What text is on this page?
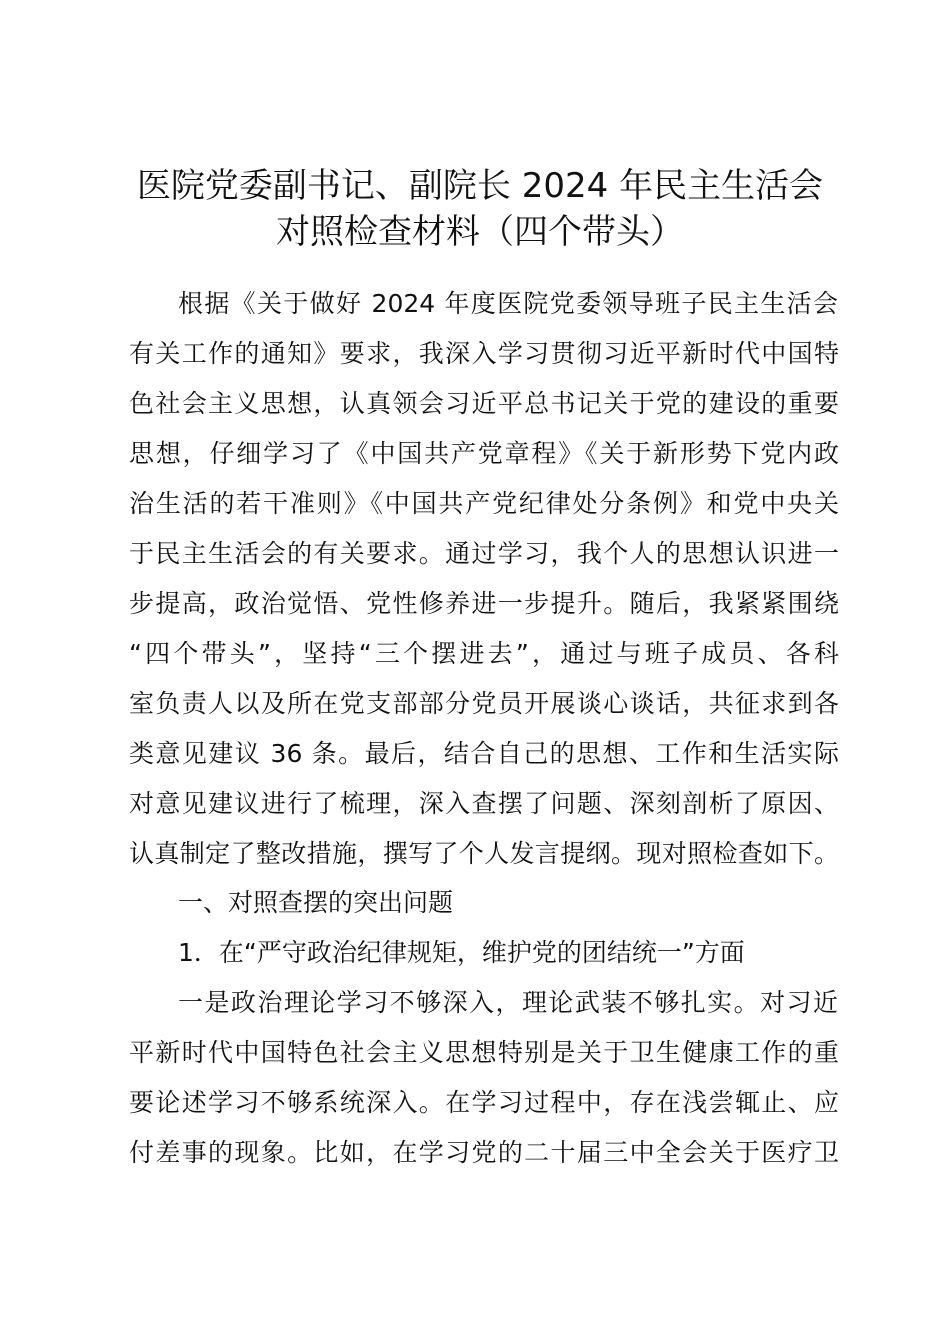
医院党委副书记、副院长 2024 年民主生活会
对照检查材料（四个带头）
根据《关于做好 2024 年度医院党委领导班子民主生活会
有关工作的通知》要求，我深入学习贯彻习近平新时代中国特
色社会主义思想，认真领会习近平总书记关于党的建设的重要
思想，仔细学习了《中国共产党章程》《关于新形势下党内政
治生活的若干准则》《中国共产党纪律处分条例》和党中央关
于民主生活会的有关要求。通过学习，我个人的思想认识进一
步提高，政治觉悟、党性修养进一步提升。随后，我紧紧围绕
“四个带头”，坚持“三个摆进去”，通过与班子成员、各科
室负责人以及所在党支部部分党员开展谈心谈话，共征求到各
类意见建议 36 条。最后，结合自己的思想、工作和生活实际
对意见建议进行了梳理，深入查摆了问题、深刻剖析了原因、
认真制定了整改措施，撰写了个人发言提纲。现对照检查如下。
一、对照查摆的突出问题
1．在“严守政治纪律规矩，维护党的团结统一”方面
一是政治理论学习不够深入，理论武装不够扎实。对习近
平新时代中国特色社会主义思想特别是关于卫生健康工作的重
要论述学习不够系统深入。在学习过程中，存在浅尝辄止、应
付差事的现象。比如，在学习党的二十届三中全会关于医疗卫
